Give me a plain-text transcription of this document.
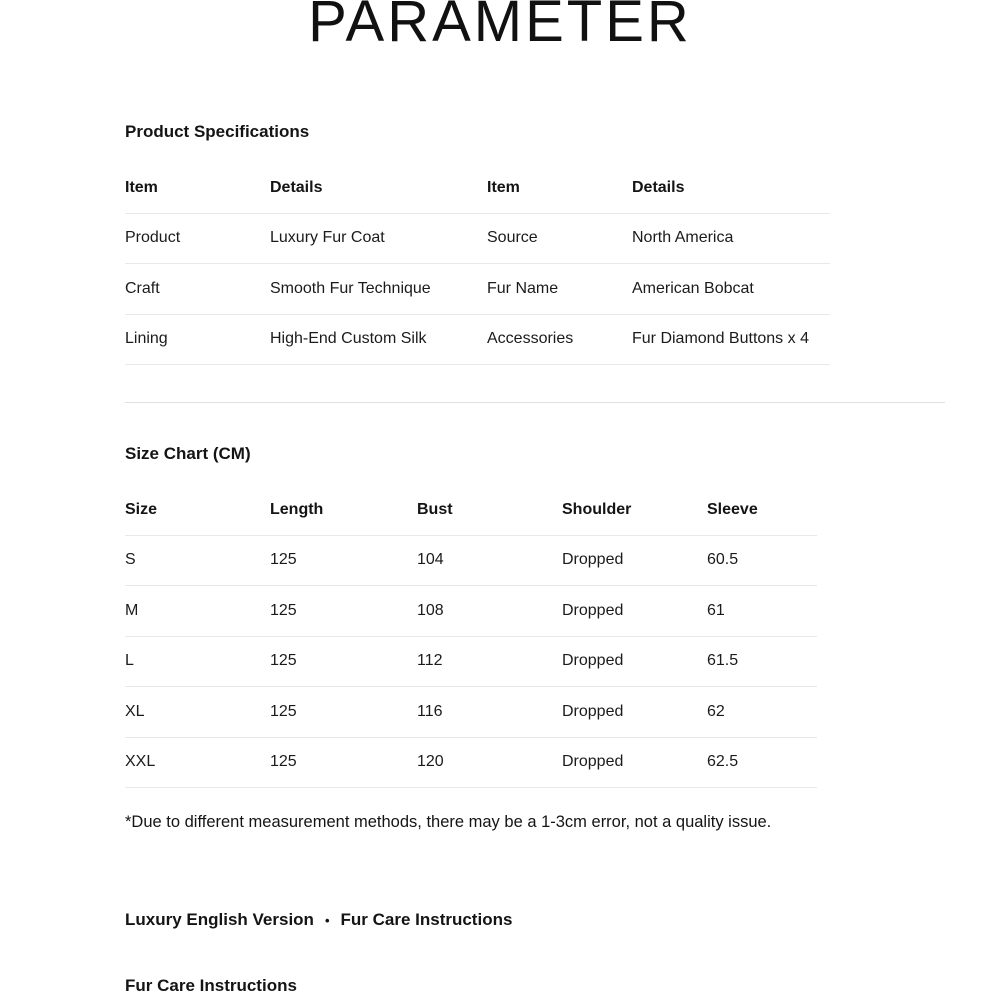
PARAMETER
Product Specifications
Item	Details	Item	Details
Product	Luxury Fur Coat	Source	North America
Craft	Smooth Fur Technique	Fur Name	American Bobcat
Lining	High-End Custom Silk	Accessories	Fur Diamond Buttons x 4
Size Chart (CM)
Size	Length	Bust	Shoulder	Sleeve
S	125	104	Dropped	60.5
M	125	108	Dropped	61
L	125	112	Dropped	61.5
XL	125	116	Dropped	62
XXL	125	120	Dropped	62.5
*Due to different measurement methods, there may be a 1-3cm error, not a quality issue.
Luxury English Version • Fur Care Instructions
Fur Care Instructions
